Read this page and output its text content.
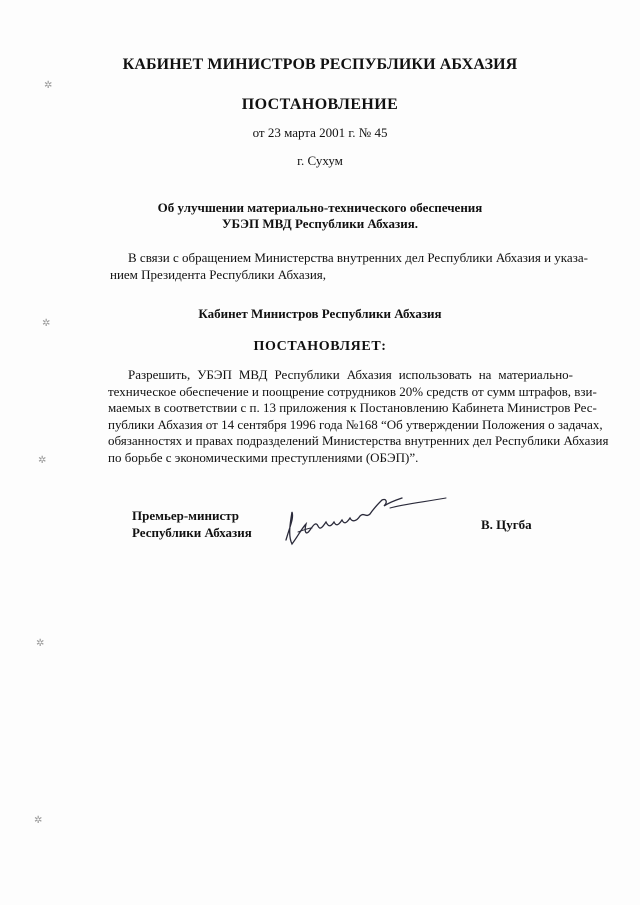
✲
✲
✲
✲
✲
КАБИНЕТ МИНИСТРОВ РЕСПУБЛИКИ АБХАЗИЯ
ПОСТАНОВЛЕНИЕ
от 23 марта 2001 г. № 45
г. Сухум
Об улучшении материально-технического обеспечения
УБЭП МВД Республики Абхазия.
В связи с обращением Министерства внутренних дел Республики Абхазия и указа-
нием Президента Республики Абхазия,
Кабинет Министров Республики Абхазия
ПОСТАНОВЛЯЕТ:
Разрешить, УБЭП МВД Республики Абхазия использовать на материально-
техническое обеспечение и поощрение сотрудников 20% средств от сумм штрафов, взи-
маемых в соответствии с п. 13 приложения к Постановлению Кабинета Министров Рес-
публики Абхазия от 14 сентября 1996 года №168 “Об утверждении Положения о задачах,
обязанностях и правах подразделений Министерства внутренних дел Республики Абхазия
по борьбе с экономическими преступлениями (ОБЭП)”.
Премьер-министр
Республики Абхазия	В. Цугба
